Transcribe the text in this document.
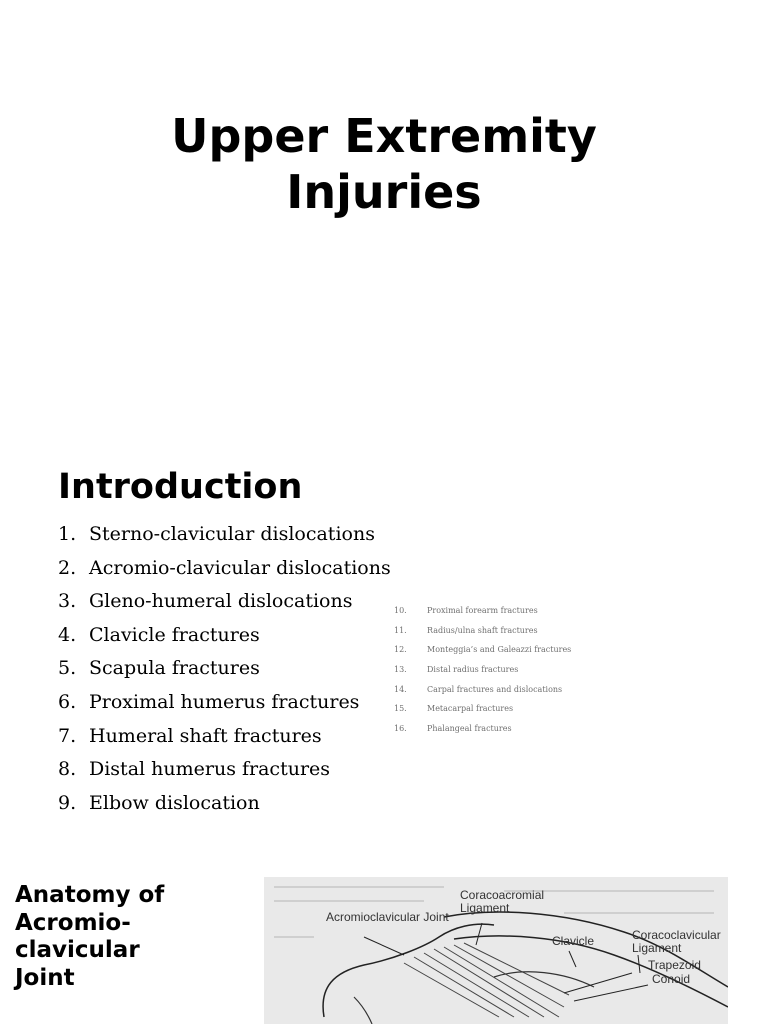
Upper Extremity
Injuries
Introduction
1. Sterno-clavicular dislocations
2. Acromio-clavicular dislocations
3. Gleno-humeral dislocations
4. Clavicle fractures
5. Scapula fractures
6. Proximal humerus fractures
7. Humeral shaft fractures
8. Distal humerus fractures
9. Elbow dislocation
10.	Proximal forearm fractures
11.	Radius/ulna shaft fractures
12.	Monteggia’s and Galeazzi fractures
13.	Distal radius fractures
14.	Carpal fractures and dislocations
15.	Metacarpal fractures
16.	Phalangeal fractures
Anatomy of
Acromio-
clavicular
Joint
Acromioclavicular Joint
Coracoacromial Ligament
Clavicle	Coracoclavicular Ligament
Trapezoid
Conoid
